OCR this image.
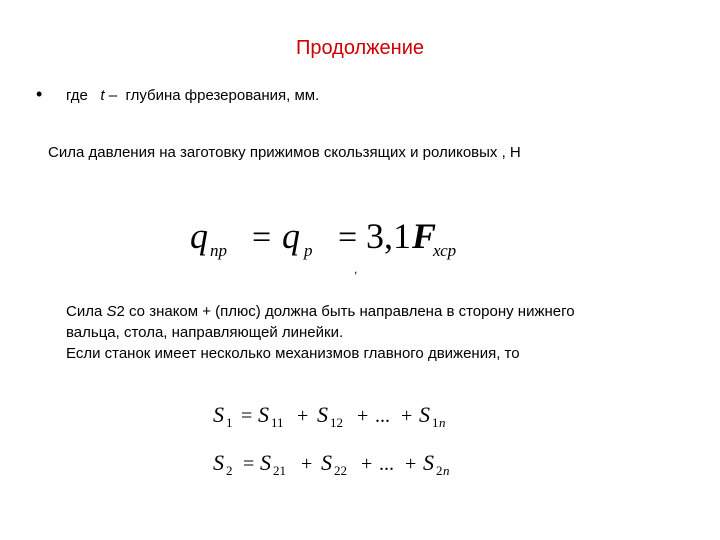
Продолжение
• где t – глубина фрезерования, мм.
Сила давления на заготовку прижимов скользящих и роликовых , Н
q пр = q р = 3,1 F
хср
,
Сила S2 со знаком + (плюс) должна быть направлена в сторону нижнего
вальца, стола, направляющей линейки.
Если станок имеет несколько механизмов главного движения, то
S 1 = S 11 + S 12 + ... + S 1 n
S 2 = S 21 + S 22 + ... + S 2 n
